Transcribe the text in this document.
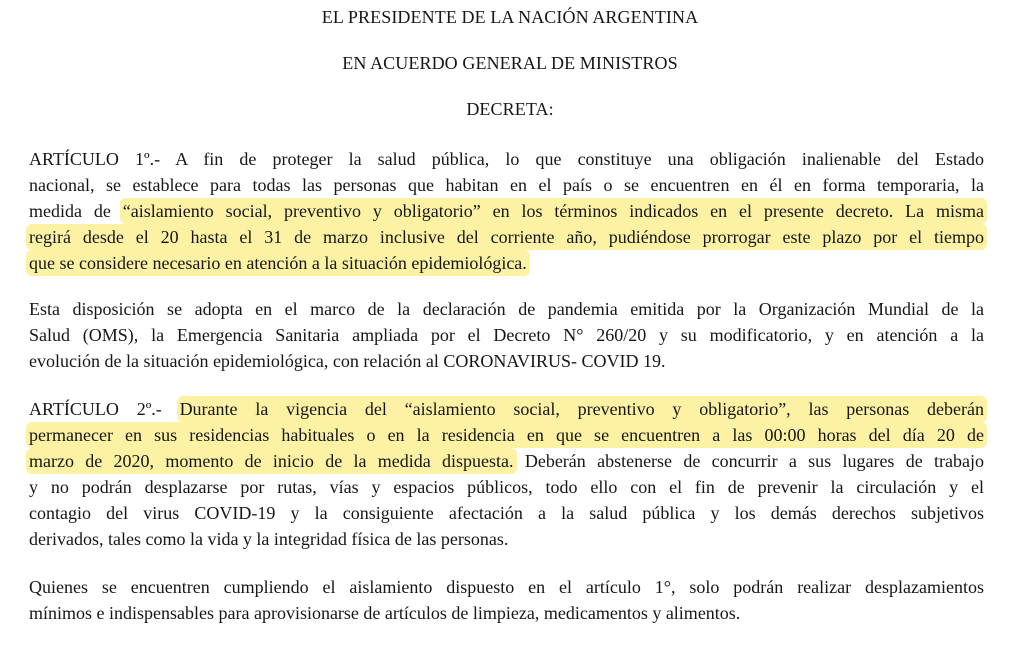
EL PRESIDENTE DE LA NACIÓN ARGENTINA
EN ACUERDO GENERAL DE MINISTROS
DECRETA:
ARTÍCULO 1º.- A fin de proteger la salud pública, lo que constituye una obligación inalienable del Estado
nacional, se establece para todas las personas que habitan en el país o se encuentren en él en forma temporaria, la
medida de “aislamiento social, preventivo y obligatorio” en los términos indicados en el presente decreto. La misma
regirá desde el 20 hasta el 31 de marzo inclusive del corriente año, pudiéndose prorrogar este plazo por el tiempo
que se considere necesario en atención a la situación epidemiológica.
Esta disposición se adopta en el marco de la declaración de pandemia emitida por la Organización Mundial de la
Salud (OMS), la Emergencia Sanitaria ampliada por el Decreto N° 260/20 y su modificatorio, y en atención a la
evolución de la situación epidemiológica, con relación al CORONAVIRUS- COVID 19.
ARTÍCULO 2º.- Durante la vigencia del “aislamiento social, preventivo y obligatorio”, las personas deberán
permanecer en sus residencias habituales o en la residencia en que se encuentren a las 00:00 horas del día 20 de
marzo de 2020, momento de inicio de la medida dispuesta. Deberán abstenerse de concurrir a sus lugares de trabajo
y no podrán desplazarse por rutas, vías y espacios públicos, todo ello con el fin de prevenir la circulación y el
contagio del virus COVID-19 y la consiguiente afectación a la salud pública y los demás derechos subjetivos
derivados, tales como la vida y la integridad física de las personas.
Quienes se encuentren cumpliendo el aislamiento dispuesto en el artículo 1°, solo podrán realizar desplazamientos
mínimos e indispensables para aprovisionarse de artículos de limpieza, medicamentos y alimentos.
